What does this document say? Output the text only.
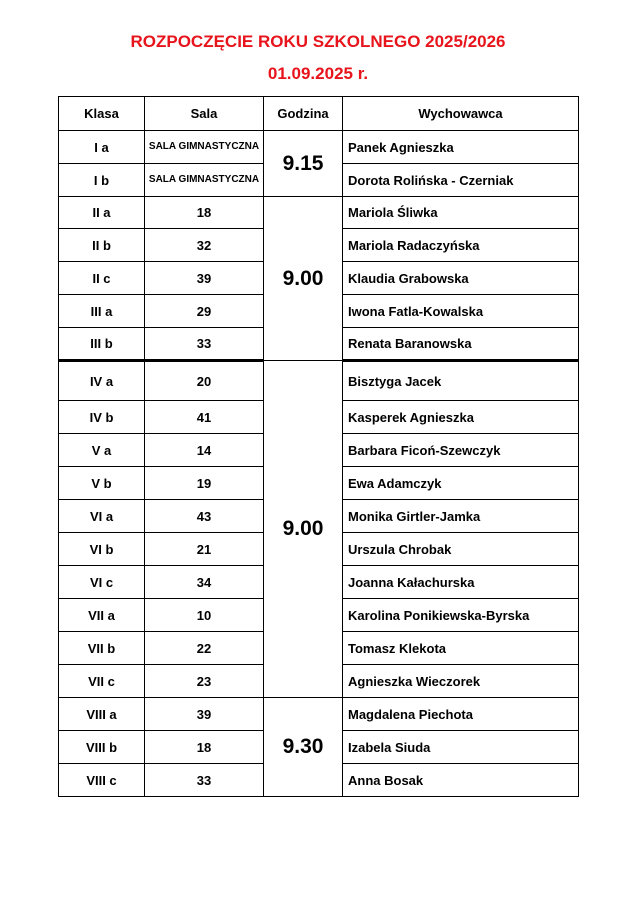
ROZPOCZĘCIE ROKU SZKOLNEGO 2025/2026
01.09.2025 r.
Klasa	Sala	Godzina	Wychowawca
I a	SALA GIMNASTYCZNA	9.15	Panek Agnieszka
I b	SALA GIMNASTYCZNA		Dorota Rolińska - Czerniak
II a	18	9.00	Mariola Śliwka
II b	32		Mariola Radaczyńska
II c	39		Klaudia Grabowska
III a	29		Iwona Fatla-Kowalska
III b	33		Renata Baranowska
IV a	20	9.00	Bisztyga Jacek
IV b	41		Kasperek Agnieszka
V a	14		Barbara Ficoń-Szewczyk
V b	19		Ewa Adamczyk
VI a	43		Monika Girtler-Jamka
VI b	21		Urszula Chrobak
VI c	34		Joanna Kałachurska
VII a	10		Karolina Ponikiewska-Byrska
VII b	22		Tomasz Klekota
VII c	23		Agnieszka Wieczorek
VIII a	39	9.30	Magdalena Piechota
VIII b	18		Izabela Siuda
VIII c	33		Anna Bosak
